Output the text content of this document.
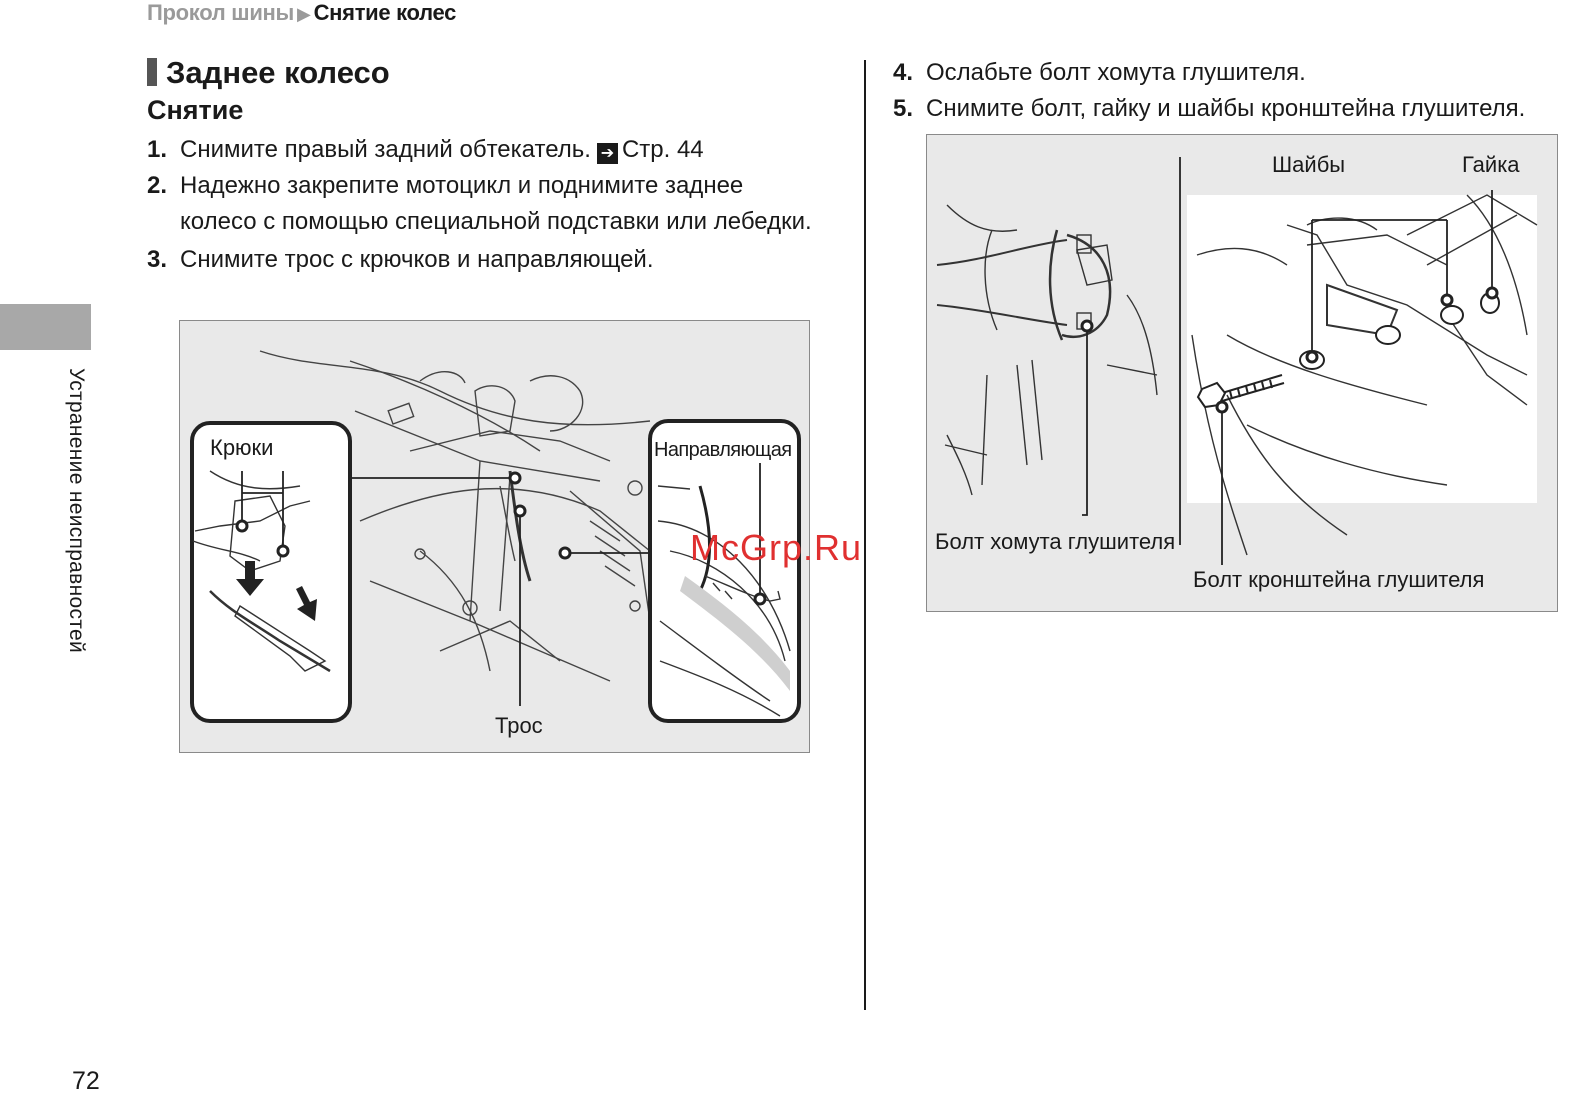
Прокол шины ▶ Снятие колес
Устранение неисправностей
72
Заднее колесо
Снятие
1. Снимите правый задний обтекатель. ➔ Стр. 44
2. Надежно закрепите мотоцикл и поднимите заднее колесо с помощью специальной подставки или лебедки.
3. Снимите трос с крючков и направляющей.
Крюки	Направляющая
Трос
McGrp.Ru
4. Ослабьте болт хомута глушителя.
5. Снимите болт, гайку и шайбы кронштейна глушителя.
Шайбы	Гайка
Болт хомута глушителя
Болт кронштейна глушителя
